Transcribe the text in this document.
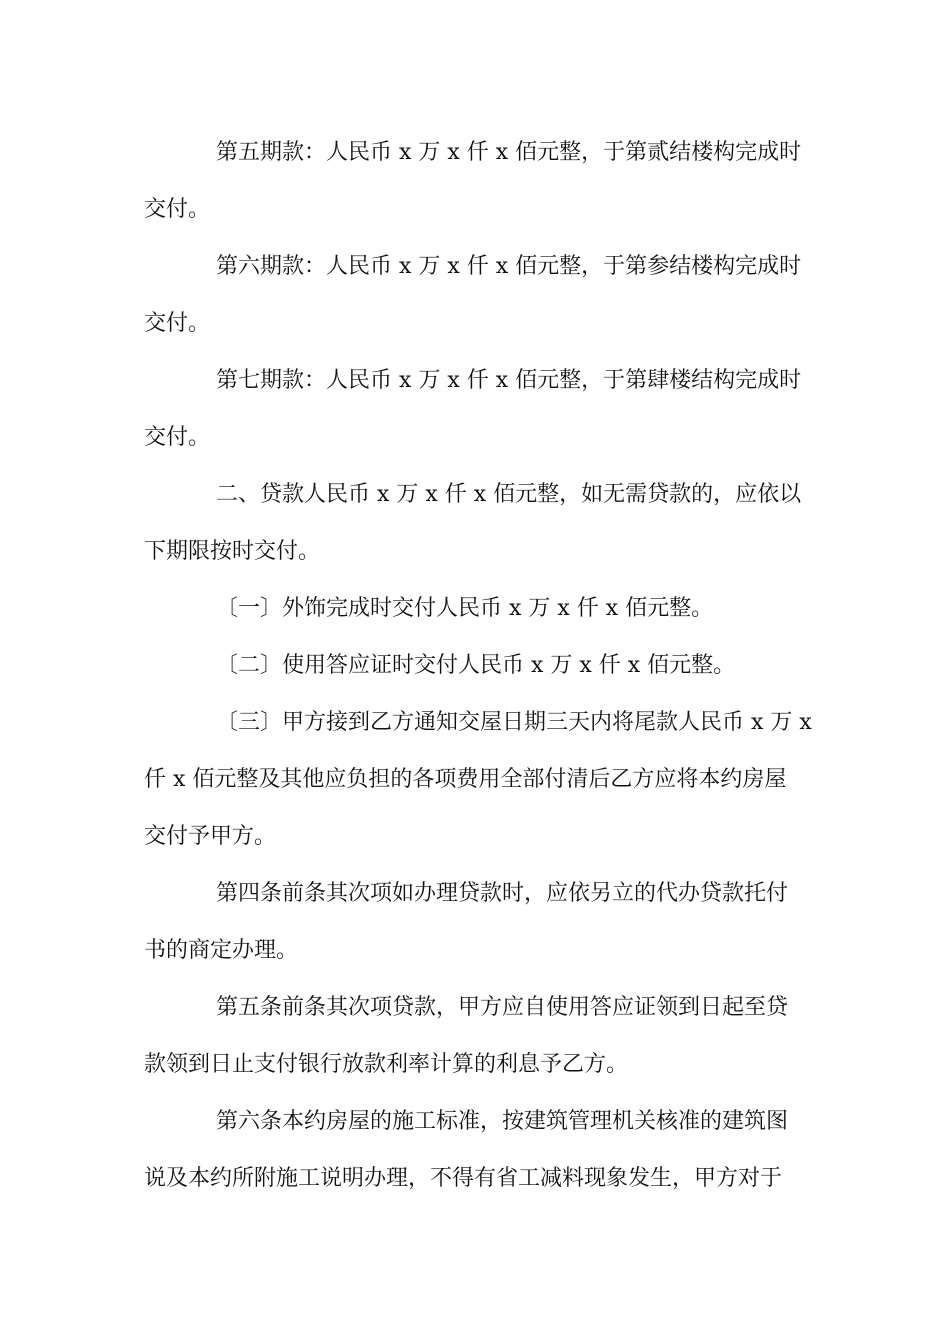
第五期款：人民币 x 万 x 仟 x 佰元整，于第贰结楼构完成时
交付。

第六期款：人民币 x 万 x 仟 x 佰元整，于第参结楼构完成时
交付。

第七期款：人民币 x 万 x 仟 x 佰元整，于第肆楼结构完成时
交付。

二、贷款人民币 x 万 x 仟 x 佰元整，如无需贷款的，应依以
下期限按时交付。

〔一〕外饰完成时交付人民币 x 万 x 仟 x 佰元整。

〔二〕使用答应证时交付人民币 x 万 x 仟 x 佰元整。

〔三〕甲方接到乙方通知交屋日期三天内将尾款人民币 x 万 x
仟 x 佰元整及其他应负担的各项费用全部付清后乙方应将本约房屋
交付予甲方。

第四条前条其次项如办理贷款时，应依另立的代办贷款托付
书的商定办理。

第五条前条其次项贷款，甲方应自使用答应证领到日起至贷
款领到日止支付银行放款利率计算的利息予乙方。

第六条本约房屋的施工标准，按建筑管理机关核准的建筑图
说及本约所附施工说明办理，不得有省工减料现象发生，甲方对于
